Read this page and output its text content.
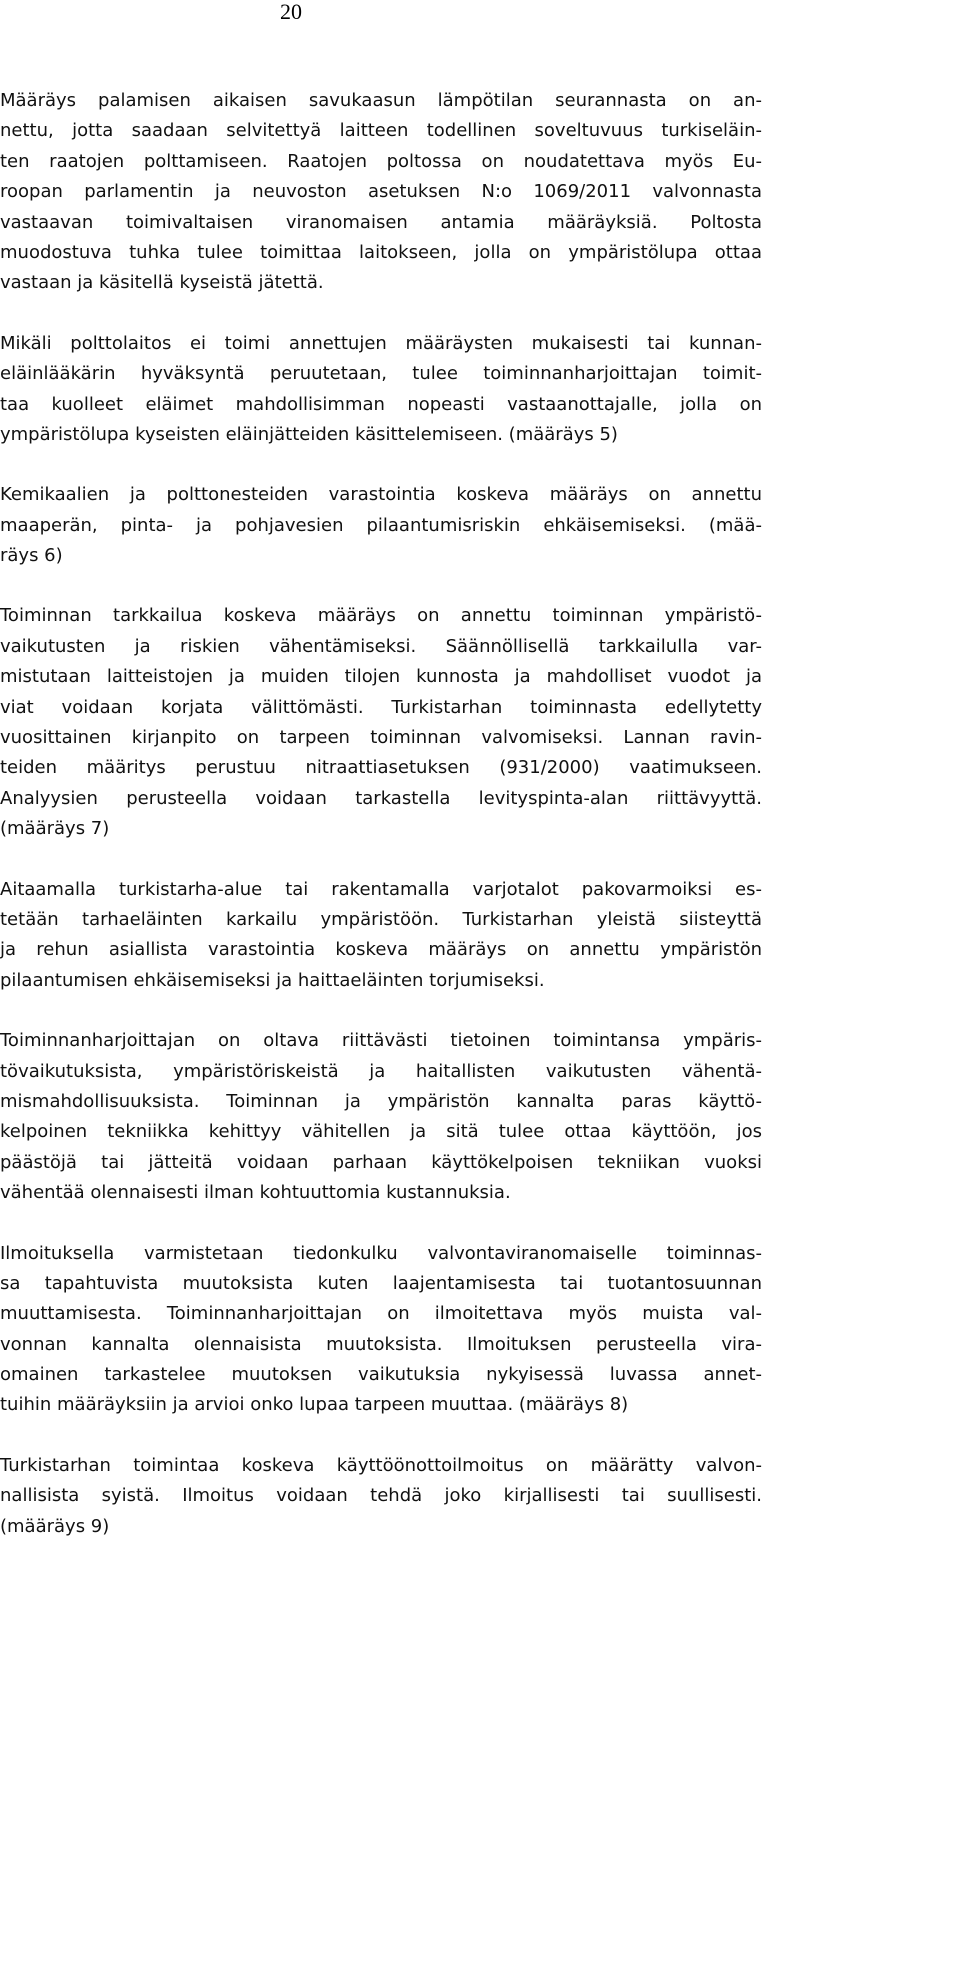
20

Määräys palamisen aikaisen savukaasun lämpötilan seurannasta on an-
nettu, jotta saadaan selvitettyä laitteen todellinen soveltuvuus turkiseläin-
ten raatojen polttamiseen. Raatojen poltossa on noudatettava myös Eu-
roopan parlamentin ja neuvoston asetuksen N:o 1069/2011 valvonnasta
vastaavan toimivaltaisen viranomaisen antamia määräyksiä. Poltosta
muodostuva tuhka tulee toimittaa laitokseen, jolla on ympäristölupa ottaa
vastaan ja käsitellä kyseistä jätettä.

Mikäli polttolaitos ei toimi annettujen määräysten mukaisesti tai kunnan-
eläinlääkärin hyväksyntä peruutetaan, tulee toiminnanharjoittajan toimit-
taa kuolleet eläimet mahdollisimman nopeasti vastaanottajalle, jolla on
ympäristölupa kyseisten eläinjätteiden käsittelemiseen. (määräys 5)

Kemikaalien ja polttonesteiden varastointia koskeva määräys on annettu
maaperän, pinta- ja pohjavesien pilaantumisriskin ehkäisemiseksi. (mää-
räys 6)

Toiminnan tarkkailua koskeva määräys on annettu toiminnan ympäristö-
vaikutusten ja riskien vähentämiseksi. Säännöllisellä tarkkailulla var-
mistutaan laitteistojen ja muiden tilojen kunnosta ja mahdolliset vuodot ja
viat voidaan korjata välittömästi. Turkistarhan toiminnasta edellytetty
vuosittainen kirjanpito on tarpeen toiminnan valvomiseksi. Lannan ravin-
teiden määritys perustuu nitraattiasetuksen (931/2000) vaatimukseen.
Analyysien perusteella voidaan tarkastella levityspinta-alan riittävyyttä.
(määräys 7)

Aitaamalla turkistarha-alue tai rakentamalla varjotalot pakovarmoiksi es-
tetään tarhaeläinten karkailu ympäristöön. Turkistarhan yleistä siisteyttä
ja rehun asiallista varastointia koskeva määräys on annettu ympäristön
pilaantumisen ehkäisemiseksi ja haittaeläinten torjumiseksi.

Toiminnanharjoittajan on oltava riittävästi tietoinen toimintansa ympäris-
tövaikutuksista, ympäristöriskeistä ja haitallisten vaikutusten vähentä-
mismahdollisuuksista. Toiminnan ja ympäristön kannalta paras käyttö-
kelpoinen tekniikka kehittyy vähitellen ja sitä tulee ottaa käyttöön, jos
päästöjä tai jätteitä voidaan parhaan käyttökelpoisen tekniikan vuoksi
vähentää olennaisesti ilman kohtuuttomia kustannuksia.

Ilmoituksella varmistetaan tiedonkulku valvontaviranomaiselle toiminnas-
sa tapahtuvista muutoksista kuten laajentamisesta tai tuotantosuunnan
muuttamisesta. Toiminnanharjoittajan on ilmoitettava myös muista val-
vonnan kannalta olennaisista muutoksista. Ilmoituksen perusteella vira-
omainen tarkastelee muutoksen vaikutuksia nykyisessä luvassa annet-
tuihin määräyksiin ja arvioi onko lupaa tarpeen muuttaa. (määräys 8)

Turkistarhan toimintaa koskeva käyttöönottoilmoitus on määrätty valvon-
nallisista syistä. Ilmoitus voidaan tehdä joko kirjallisesti tai suullisesti.
(määräys 9)
